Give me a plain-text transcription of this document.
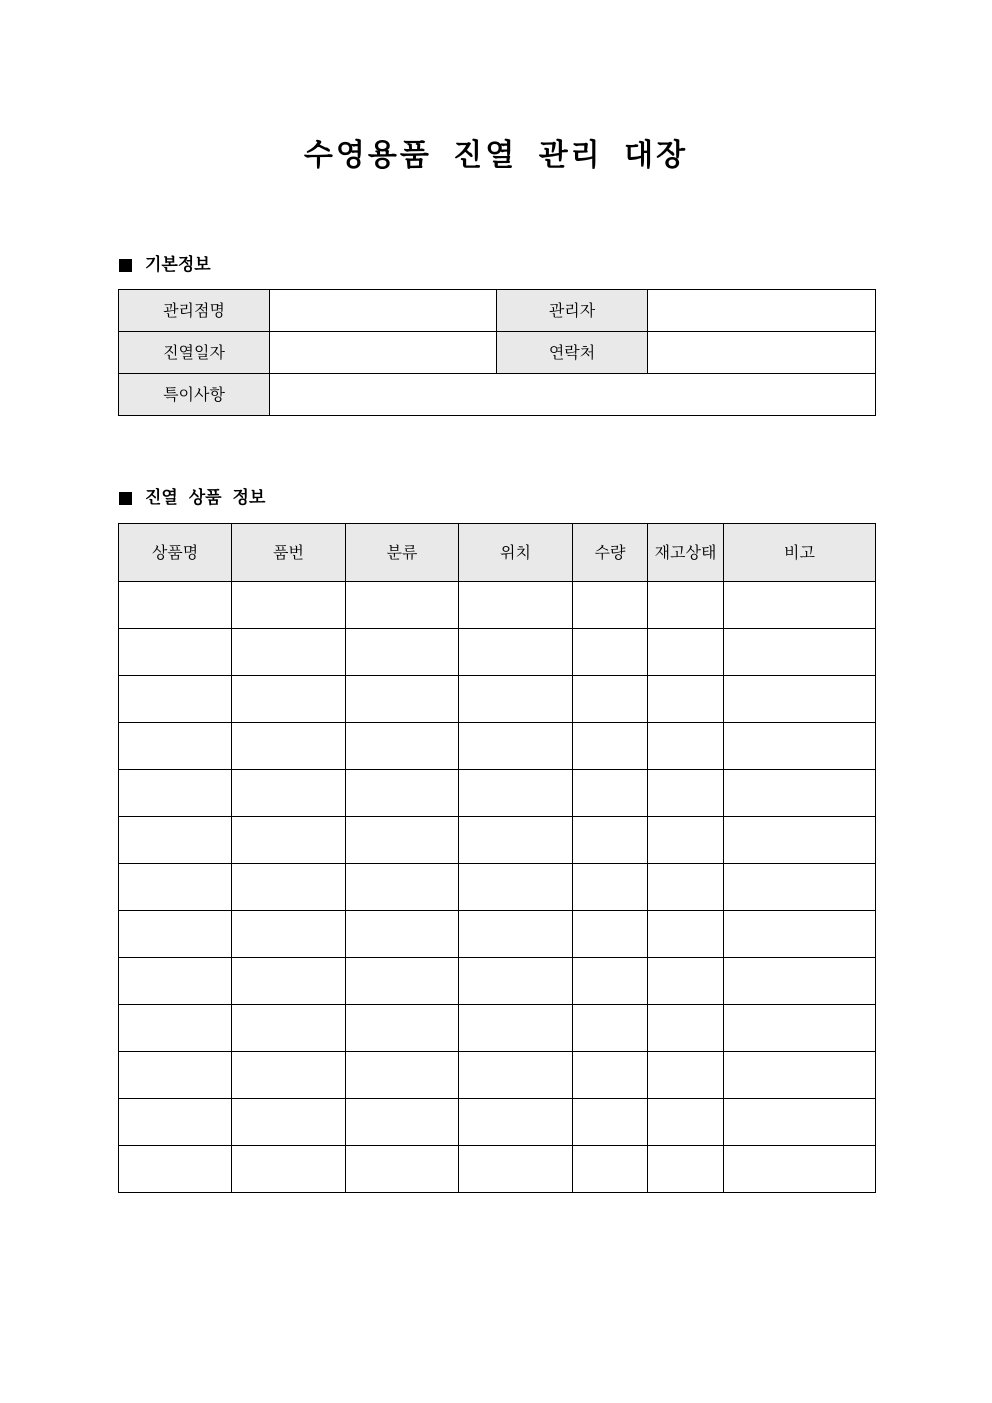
수영용품 진열 관리 대장
기본정보
관리점명		관리자	
진열일자		연락처	
특이사항			
진열 상품 정보
상품명	품번	분류	위치	수량	재고상태	비고
